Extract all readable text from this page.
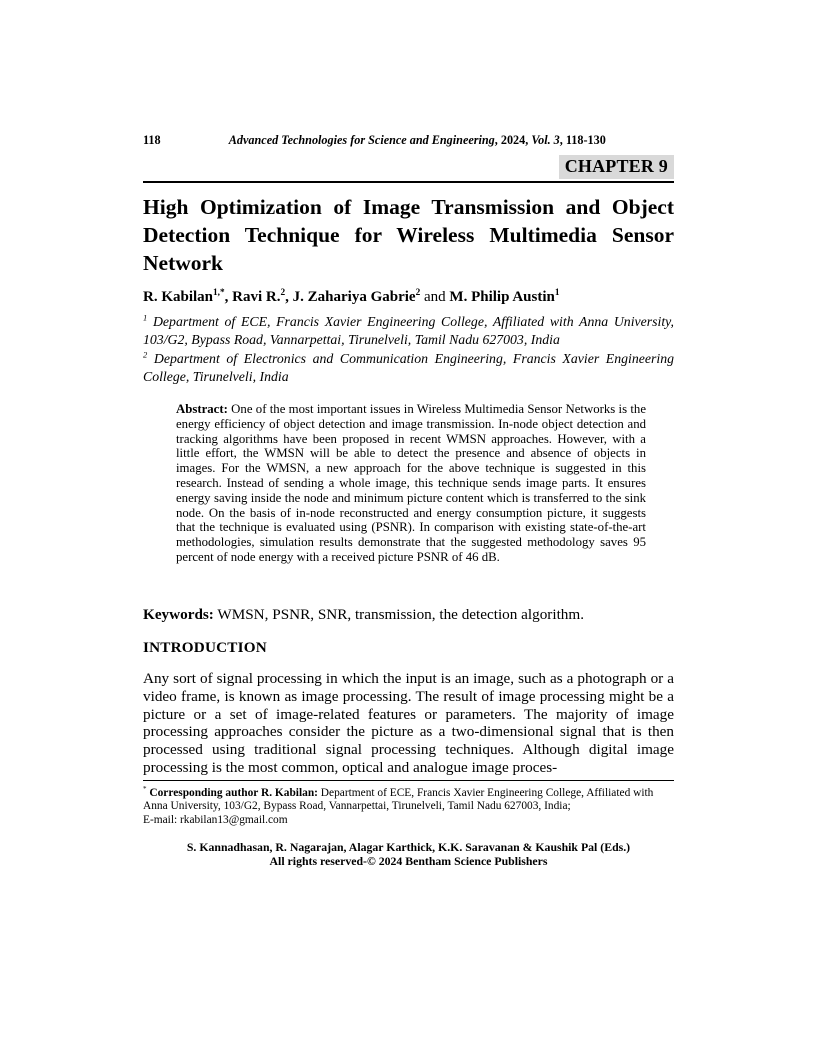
118	Advanced Technologies for Science and Engineering, 2024, Vol. 3, 118-130
CHAPTER 9
High Optimization of Image Transmission and Object Detection Technique for Wireless Multimedia Sensor Network
R. Kabilan$^{1,*}$, Ravi R.$^2$, J. Zahariya Gabrie$^2$ and M. Philip Austin$^1$

$^1$ Department of ECE, Francis Xavier Engineering College, Affiliated with Anna University, 103/G2, Bypass Road, Vannarpettai, Tirunelveli, Tamil Nadu 627003, India

$^2$ Department of Electronics and Communication Engineering, Francis Xavier Engineering College, Tirunelveli, India

Abstract: One of the most important issues in Wireless Multimedia Sensor Networks is the energy efficiency of object detection and image transmission. In-node object detection and tracking algorithms have been proposed in recent WMSN approaches. However, with a little effort, the WMSN will be able to detect the presence and absence of objects in images. For the WMSN, a new approach for the above technique is suggested in this research. Instead of sending a whole image, this technique sends image parts. It ensures energy saving inside the node and minimum picture content which is transferred to the sink node. On the basis of in-node reconstructed and energy consumption picture, it suggests that the technique is evaluated using (PSNR). In comparison with existing state-of-the-art methodologies, simulation results demonstrate that the suggested methodology saves 95 percent of node energy with a received picture PSNR of 46 dB.

Keywords: WMSN, PSNR, SNR, transmission, the detection algorithm.

INTRODUCTION

Any sort of signal processing in which the input is an image, such as a photograph or a video frame, is known as image processing. The result of image processing might be a picture or a set of image-related features or parameters. The majority of image processing approaches consider the picture as a two-dimensional signal that is then processed using traditional signal processing techniques. Although digital image processing is the most common, optical and analogue image proces-

* Corresponding author R. Kabilan: Department of ECE, Francis Xavier Engineering College, Affiliated with Anna University, 103/G2, Bypass Road, Vannarpettai, Tirunelveli, Tamil Nadu 627003, India;
E-mail: rkabilan13@gmail.com
S. Kannadhasan, R. Nagarajan, Alagar Karthick, K.K. Saravanan & Kaushik Pal (Eds.)
All rights reserved-© 2024 Bentham Science Publishers
